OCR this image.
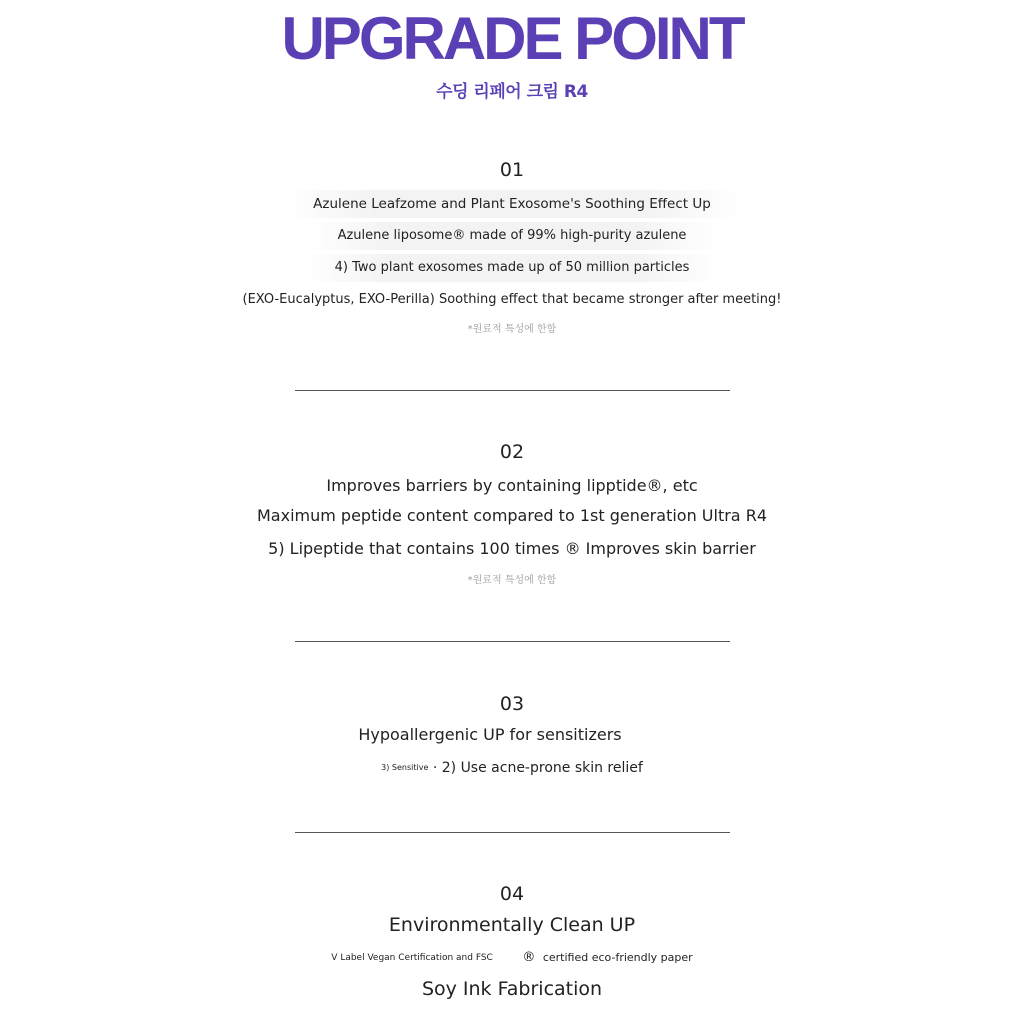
UPGRADE POINT
수딩 리페어 크림 R4
01
Azulene Leafzome and Plant Exosome's Soothing Effect Up
Azulene liposome® made of 99% high-purity azulene
4) Two plant exosomes made up of 50 million particles
(EXO-Eucalyptus, EXO-Perilla) Soothing effect that became stronger after meeting!
*원료적 특성에 한함
02
Improves barriers by containing lipptide®, etc
Maximum peptide content compared to 1st generation Ultra R4
5) Lipeptide that contains 100 times ® Improves skin barrier
*원료적 특성에 한함
03
Hypoallergenic UP for sensitizers
3) Sensitive · 2) Use acne-prone skin relief
04
Environmentally Clean UP
V Label Vegan Certification and FSC ® certified eco-friendly paper
Soy Ink Fabrication
